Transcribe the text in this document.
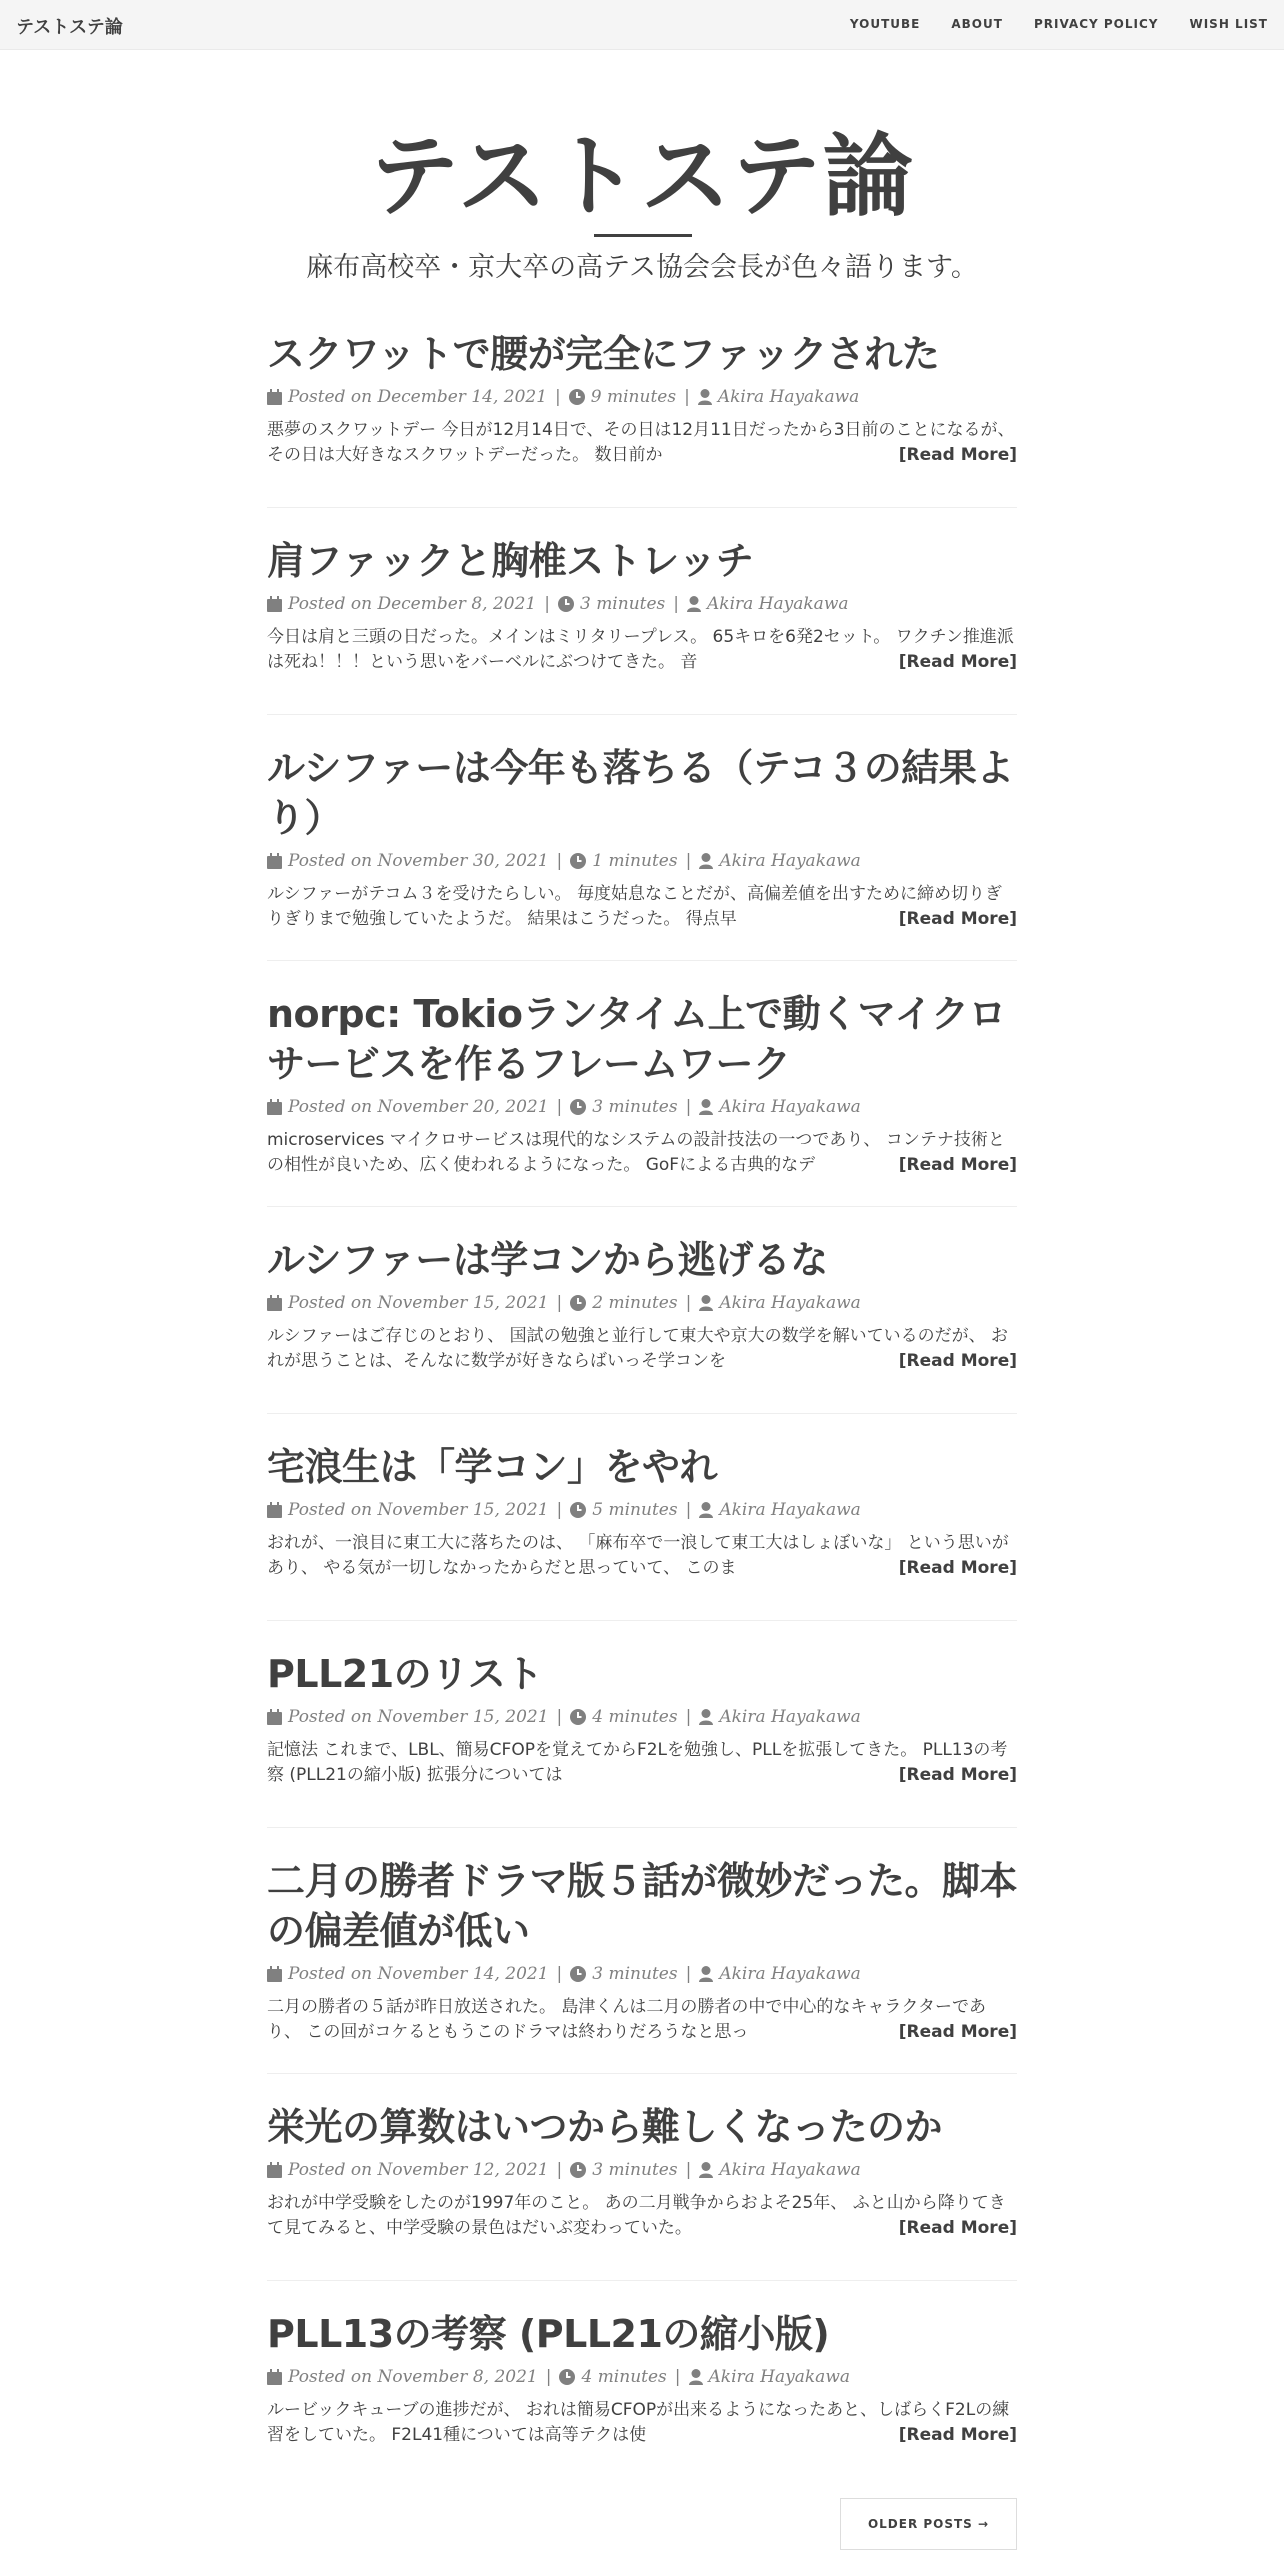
テストステ論	YOUTUBE	ABOUT	PRIVACY POLICY	WISH LIST
テストステ論
麻布高校卒・京大卒の高テス協会会長が色々語ります。
スクワットで腰が完全にファックされた
Posted on December 14, 2021 | 9 minutes | Akira Hayakawa
悪夢のスクワットデー 今日が12月14日で、その日は12月11日だったから3日前のことになるが、 その日は大好きなスクワットデーだった。 数日前か	[Read More]
肩ファックと胸椎ストレッチ
Posted on December 8, 2021 | 3 minutes | Akira Hayakawa
今日は肩と三頭の日だった。メインはミリタリープレス。 65キロを6発2セット。 ワクチン推進派は死ね！！！という思いをバーベルにぶつけてきた。 音	[Read More]
ルシファーは今年も落ちる（テコ３の結果より）
Posted on November 30, 2021 | 1 minutes | Akira Hayakawa
ルシファーがテコム３を受けたらしい。 毎度姑息なことだが、高偏差値を出すために締め切りぎりぎりまで勉強していたようだ。 結果はこうだった。 得点早	[Read More]
norpc: Tokioランタイム上で動くマイクロサービスを作るフレームワーク
Posted on November 20, 2021 | 3 minutes | Akira Hayakawa
microservices マイクロサービスは現代的なシステムの設計技法の一つであり、 コンテナ技術との相性が良いため、広く使われるようになった。 GoFによる古典的なデ	[Read More]
ルシファーは学コンから逃げるな
Posted on November 15, 2021 | 2 minutes | Akira Hayakawa
ルシファーはご存じのとおり、 国試の勉強と並行して東大や京大の数学を解いているのだが、 おれが思うことは、そんなに数学が好きならばいっそ学コンを	[Read More]
宅浪生は「学コン」をやれ
Posted on November 15, 2021 | 5 minutes | Akira Hayakawa
おれが、一浪目に東工大に落ちたのは、 「麻布卒で一浪して東工大はしょぼいな」 という思いがあり、 やる気が一切しなかったからだと思っていて、 このま	[Read More]
PLL21のリスト
Posted on November 15, 2021 | 4 minutes | Akira Hayakawa
記憶法 これまで、LBL、簡易CFOPを覚えてからF2Lを勉強し、PLLを拡張してきた。 PLL13の考察 (PLL21の縮小版) 拡張分については	[Read More]
二月の勝者ドラマ版５話が微妙だった。脚本の偏差値が低い
Posted on November 14, 2021 | 3 minutes | Akira Hayakawa
二月の勝者の５話が昨日放送された。 島津くんは二月の勝者の中で中心的なキャラクターであり、 この回がコケるともうこのドラマは終わりだろうなと思っ	[Read More]
栄光の算数はいつから難しくなったのか
Posted on November 12, 2021 | 3 minutes | Akira Hayakawa
おれが中学受験をしたのが1997年のこと。 あの二月戦争からおよそ25年、 ふと山から降りてきて見てみると、中学受験の景色はだいぶ変わっていた。	[Read More]
PLL13の考察 (PLL21の縮小版)
Posted on November 8, 2021 | 4 minutes | Akira Hayakawa
ルービックキューブの進捗だが、 おれは簡易CFOPが出来るようになったあと、しばらくF2Lの練習をしていた。 F2L41種については高等テクは使	[Read More]
OLDER POSTS →
